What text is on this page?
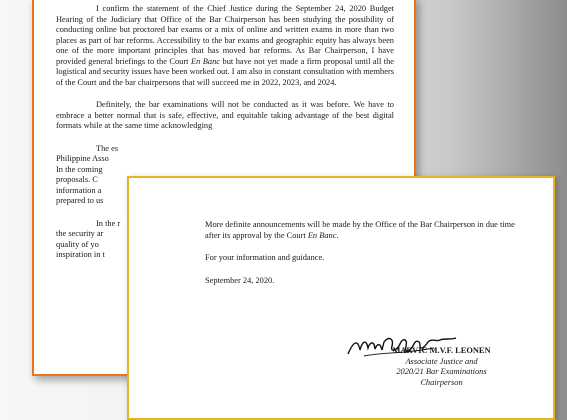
I confirm the statement of the Chief Justice during the September 24, 2020 Budget Hearing of the Judiciary that Office of the Bar Chairperson has been studying the possibility of conducting online but proctored bar exams or a mix of online and written exams in more than two places as part of bar reforms. Accessibility to the bar exams and geographic equity has always been one of the more important principles that has moved bar reforms. As Bar Chairperson, I have provided general briefings to the Court En Banc but have not yet made a firm proposal until all the logistical and security issues have been worked out. I am also in constant consultation with members of the Court and the bar chairpersons that will succeed me in 2022, 2023, and 2024.

Definitely, the bar examinations will not be conducted as it was before. We have to embrace a better normal that is safe, effective, and equitable taking advantage of the best digital formats while at the same time acknowledging

The es

Philippine Asso

In the coming

proposals. C

information a

prepared to us

In the r

the security ar

quality of yo

inspiration in t

More definite announcements will be made by the Office of the Bar Chairperson in due time after its approval by the Court En Banc.

For your information and guidance.

September 24, 2020.

MARVIC M.V.F. LEONEN

Associate Justice and

2020/21 Bar Examinations

Chairperson
